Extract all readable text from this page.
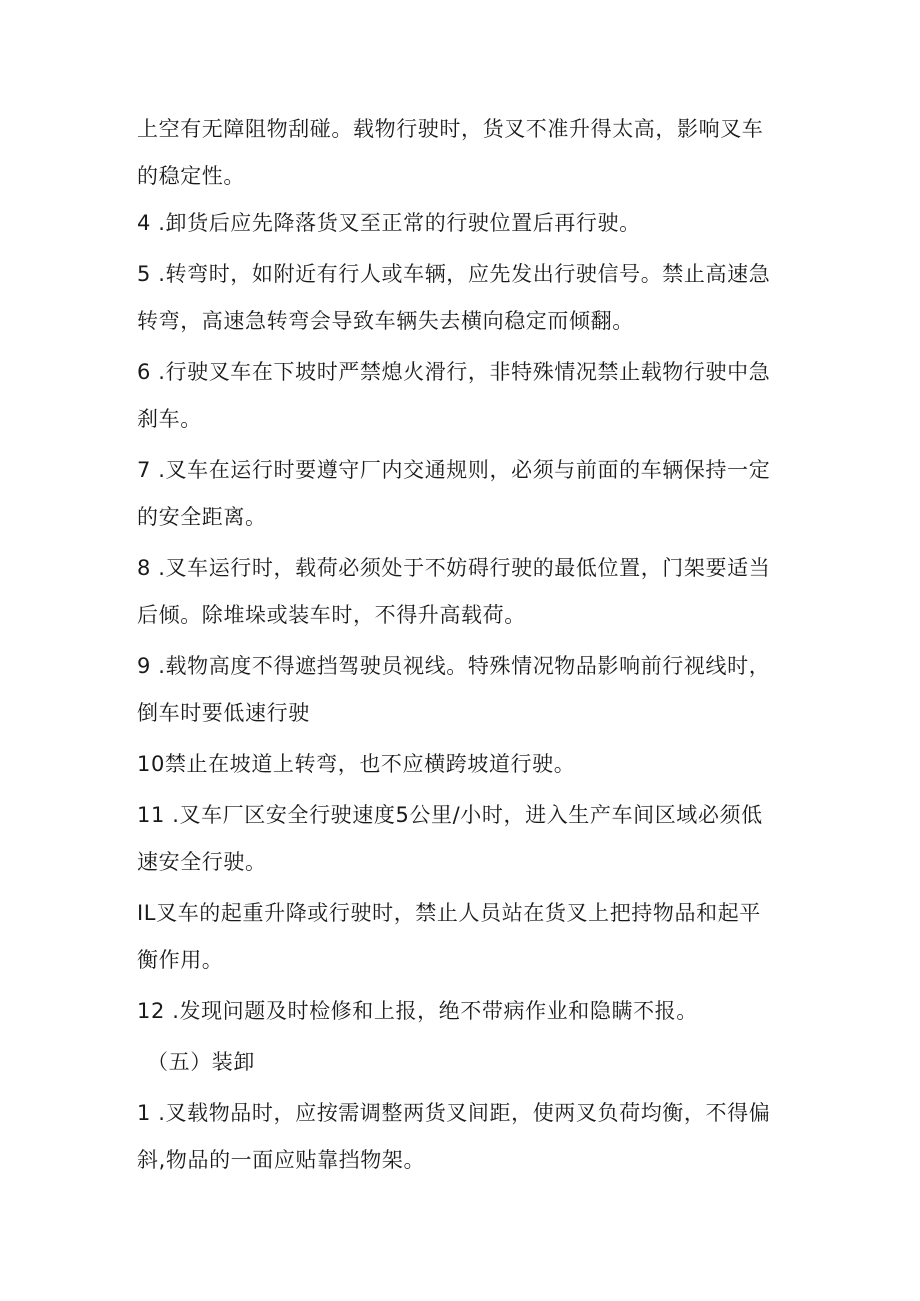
上空有无障阻物刮碰。载物行驶时，货叉不准升得太高，影响叉车
的稳定性。
4 .卸货后应先降落货叉至正常的行驶位置后再行驶。
5 .转弯时，如附近有行人或车辆，应先发出行驶信号。禁止高速急
转弯，高速急转弯会导致车辆失去横向稳定而倾翻。
6 .行驶叉车在下坡时严禁熄火滑行，非特殊情况禁止载物行驶中急
刹车。
7 .叉车在运行时要遵守厂内交通规则，必须与前面的车辆保持一定
的安全距离。
8 .叉车运行时，载荷必须处于不妨碍行驶的最低位置，门架要适当
后倾。除堆垛或装车时，不得升高载荷。
9 .载物高度不得遮挡驾驶员视线。特殊情况物品影响前行视线时，
倒车时要低速行驶
10禁止在坡道上转弯，也不应横跨坡道行驶。
11 .叉车厂区安全行驶速度5公里/小时，进入生产车间区域必须低
速安全行驶。
IL叉车的起重升降或行驶时，禁止人员站在货叉上把持物品和起平
衡作用。
12 .发现问题及时检修和上报，绝不带病作业和隐瞒不报。
（五）装卸
1 .叉载物品时，应按需调整两货叉间距，使两叉负荷均衡，不得偏
斜,物品的一面应贴靠挡物架。
